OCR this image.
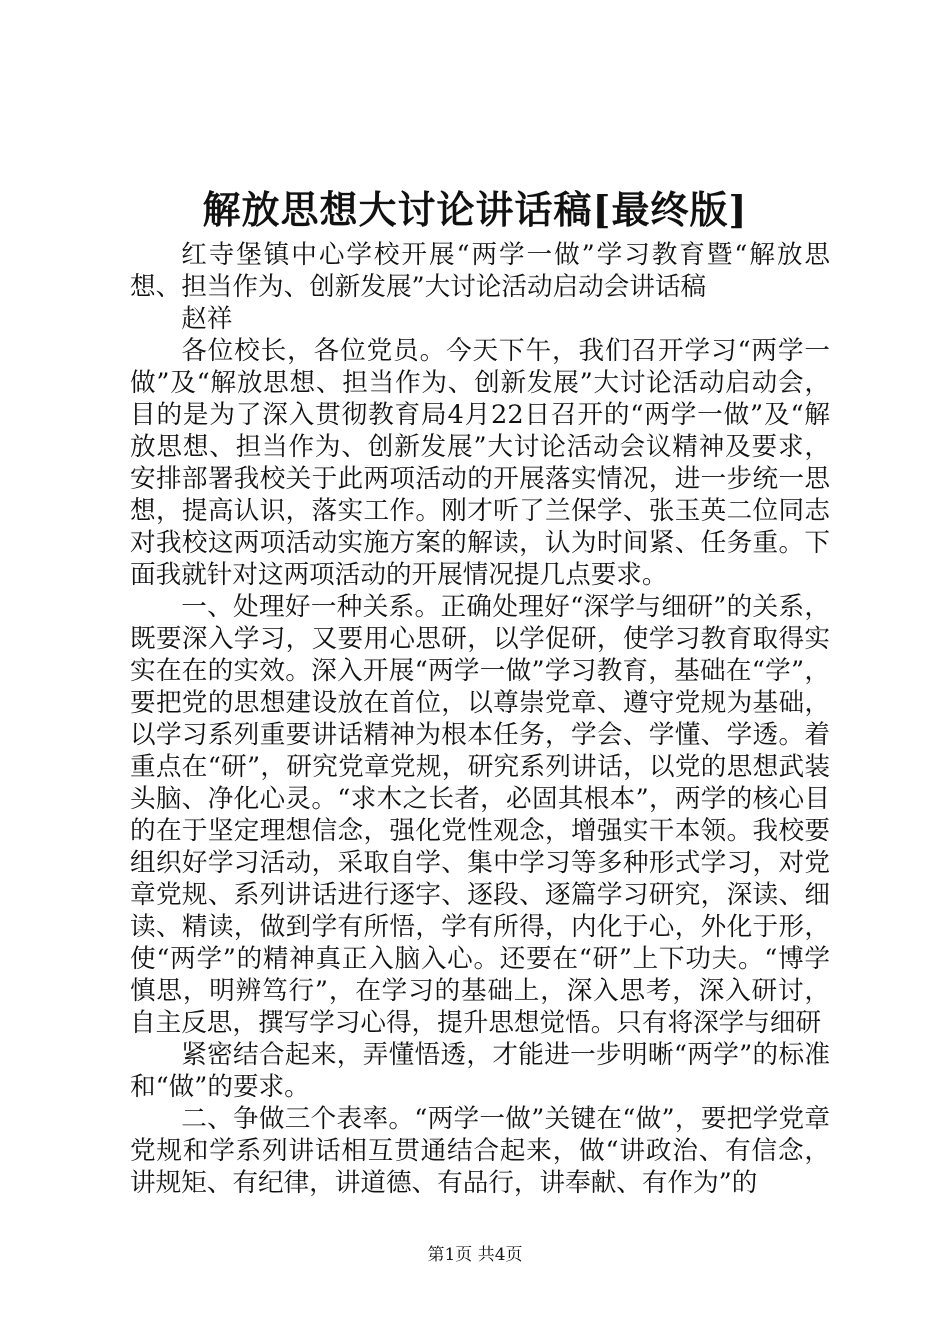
解放思想大讨论讲话稿[最终版]

红寺堡镇中心学校开展“两学一做”学习教育暨“解放思想、担当作为、创新发展”大讨论活动启动会讲话稿

赵祥

各位校长，各位党员。今天下午，我们召开学习“两学一做”及“解放思想、担当作为、创新发展”大讨论活动启动会，目的是为了深入贯彻教育局4月22日召开的“两学一做”及“解放思想、担当作为、创新发展”大讨论活动会议精神及要求，安排部署我校关于此两项活动的开展落实情况，进一步统一思想，提高认识，落实工作。刚才听了兰保学、张玉英二位同志对我校这两项活动实施方案的解读，认为时间紧、任务重。下面我就针对这两项活动的开展情况提几点要求。

一、处理好一种关系。正确处理好“深学与细研”的关系，既要深入学习，又要用心思研，以学促研，使学习教育取得实实在在的实效。深入开展“两学一做”学习教育，基础在“学”，要把党的思想建设放在首位，以尊崇党章、遵守党规为基础，以学习系列重要讲话精神为根本任务，学会、学懂、学透。着重点在“研”，研究党章党规，研究系列讲话，以党的思想武装头脑、净化心灵。“求木之长者，必固其根本”，两学的核心目的在于坚定理想信念，强化党性观念，增强实干本领。我校要组织好学习活动，采取自学、集中学习等多种形式学习，对党章党规、系列讲话进行逐字、逐段、逐篇学习研究，深读、细读、精读，做到学有所悟，学有所得，内化于心，外化于形，使“两学”的精神真正入脑入心。还要在“研”上下功夫。“博学慎思，明辨笃行”，在学习的基础上，深入思考，深入研讨，自主反思，撰写学习心得，提升思想觉悟。只有将深学与细研

紧密结合起来，弄懂悟透，才能进一步明晰“两学”的标准和“做”的要求。

二、争做三个表率。“两学一做”关键在“做”，要把学党章党规和学系列讲话相互贯通结合起来，做“讲政治、有信念，讲规矩、有纪律，讲道德、有品行，讲奉献、有作为”的

第1页 共4页
